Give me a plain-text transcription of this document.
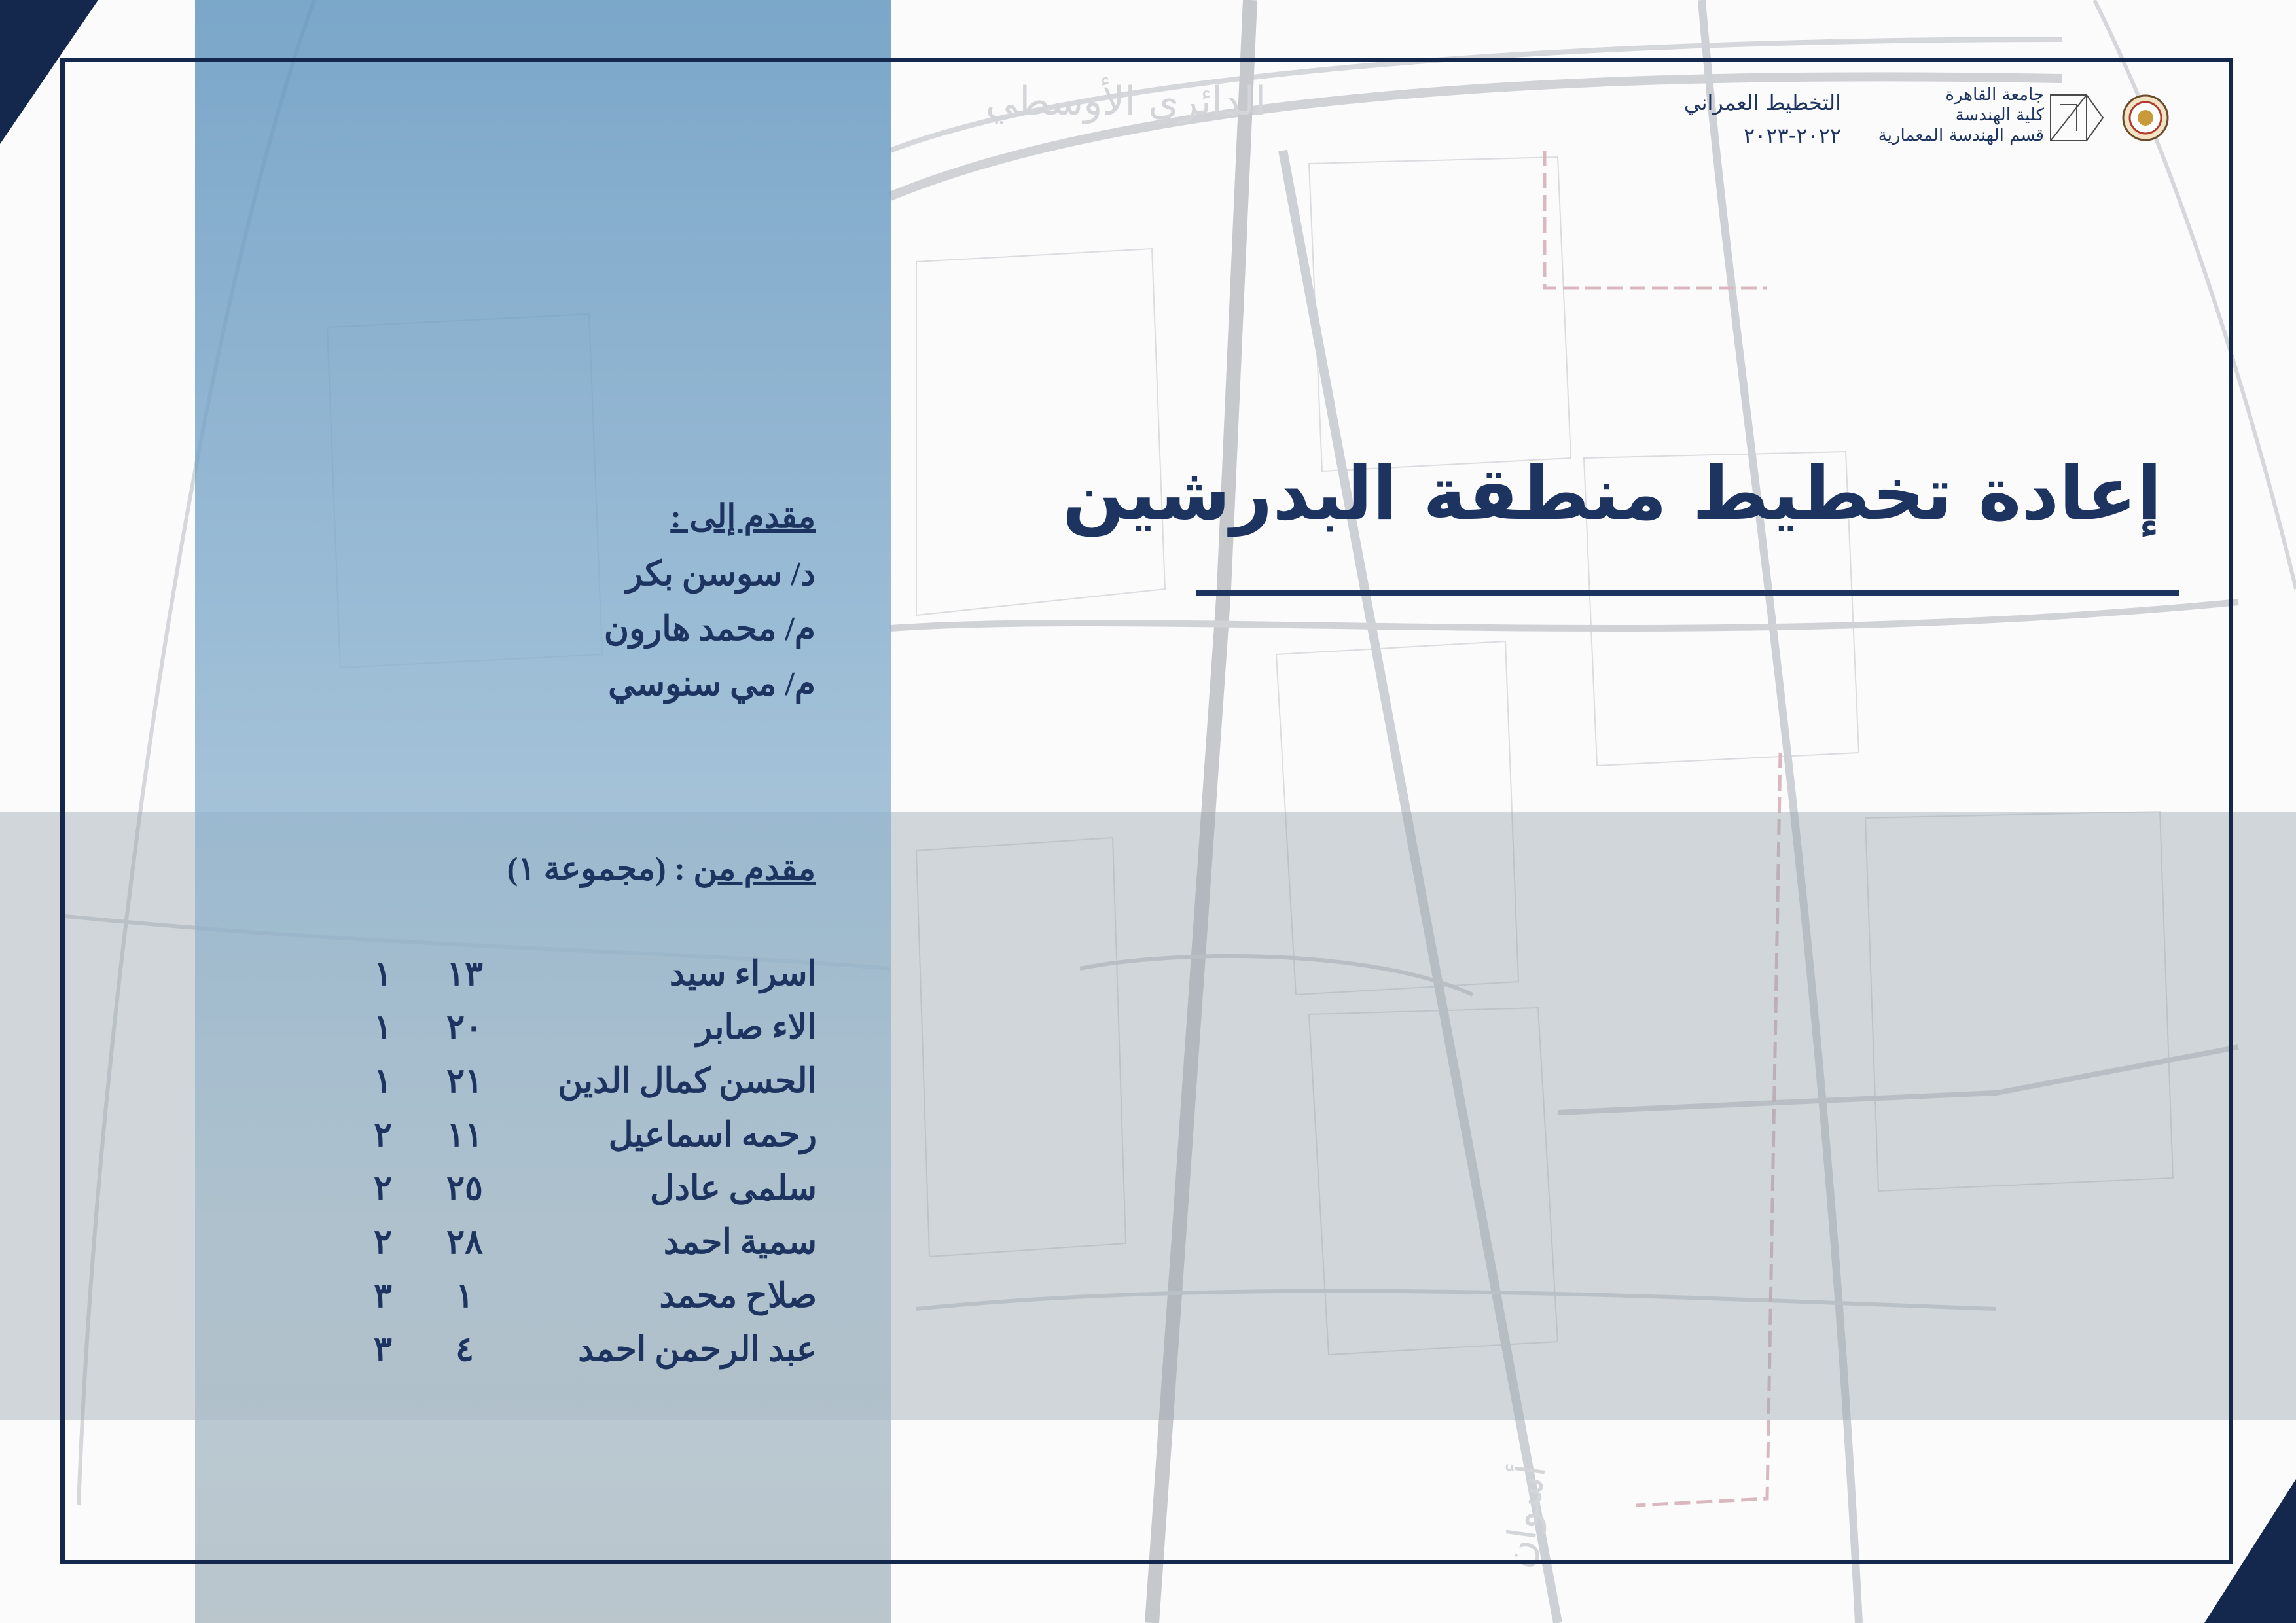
الدائري الأوسطي
أسوان
جامعة القاهرة
كلية الهندسة
قسم الهندسة المعمارية
التخطيط العمراني
٢٠٢٢-٢٠٢٣
إعادة تخطيط منطقة البدرشين
مقدم إلى :
د/ سوسن بكر
م/ محمد هارون
م/ مي سنوسي
مقدم من : (مجموعة ١)
اسراء سيد
١٣
١
الاء صابر
٢٠
١
الحسن كمال الدين
٢١
١
رحمه اسماعيل
١١
٢
سلمى عادل
٢٥
٢
سمية احمد
٢٨
٢
صلاح محمد
١
٣
عبد الرحمن احمد
٤
٣
